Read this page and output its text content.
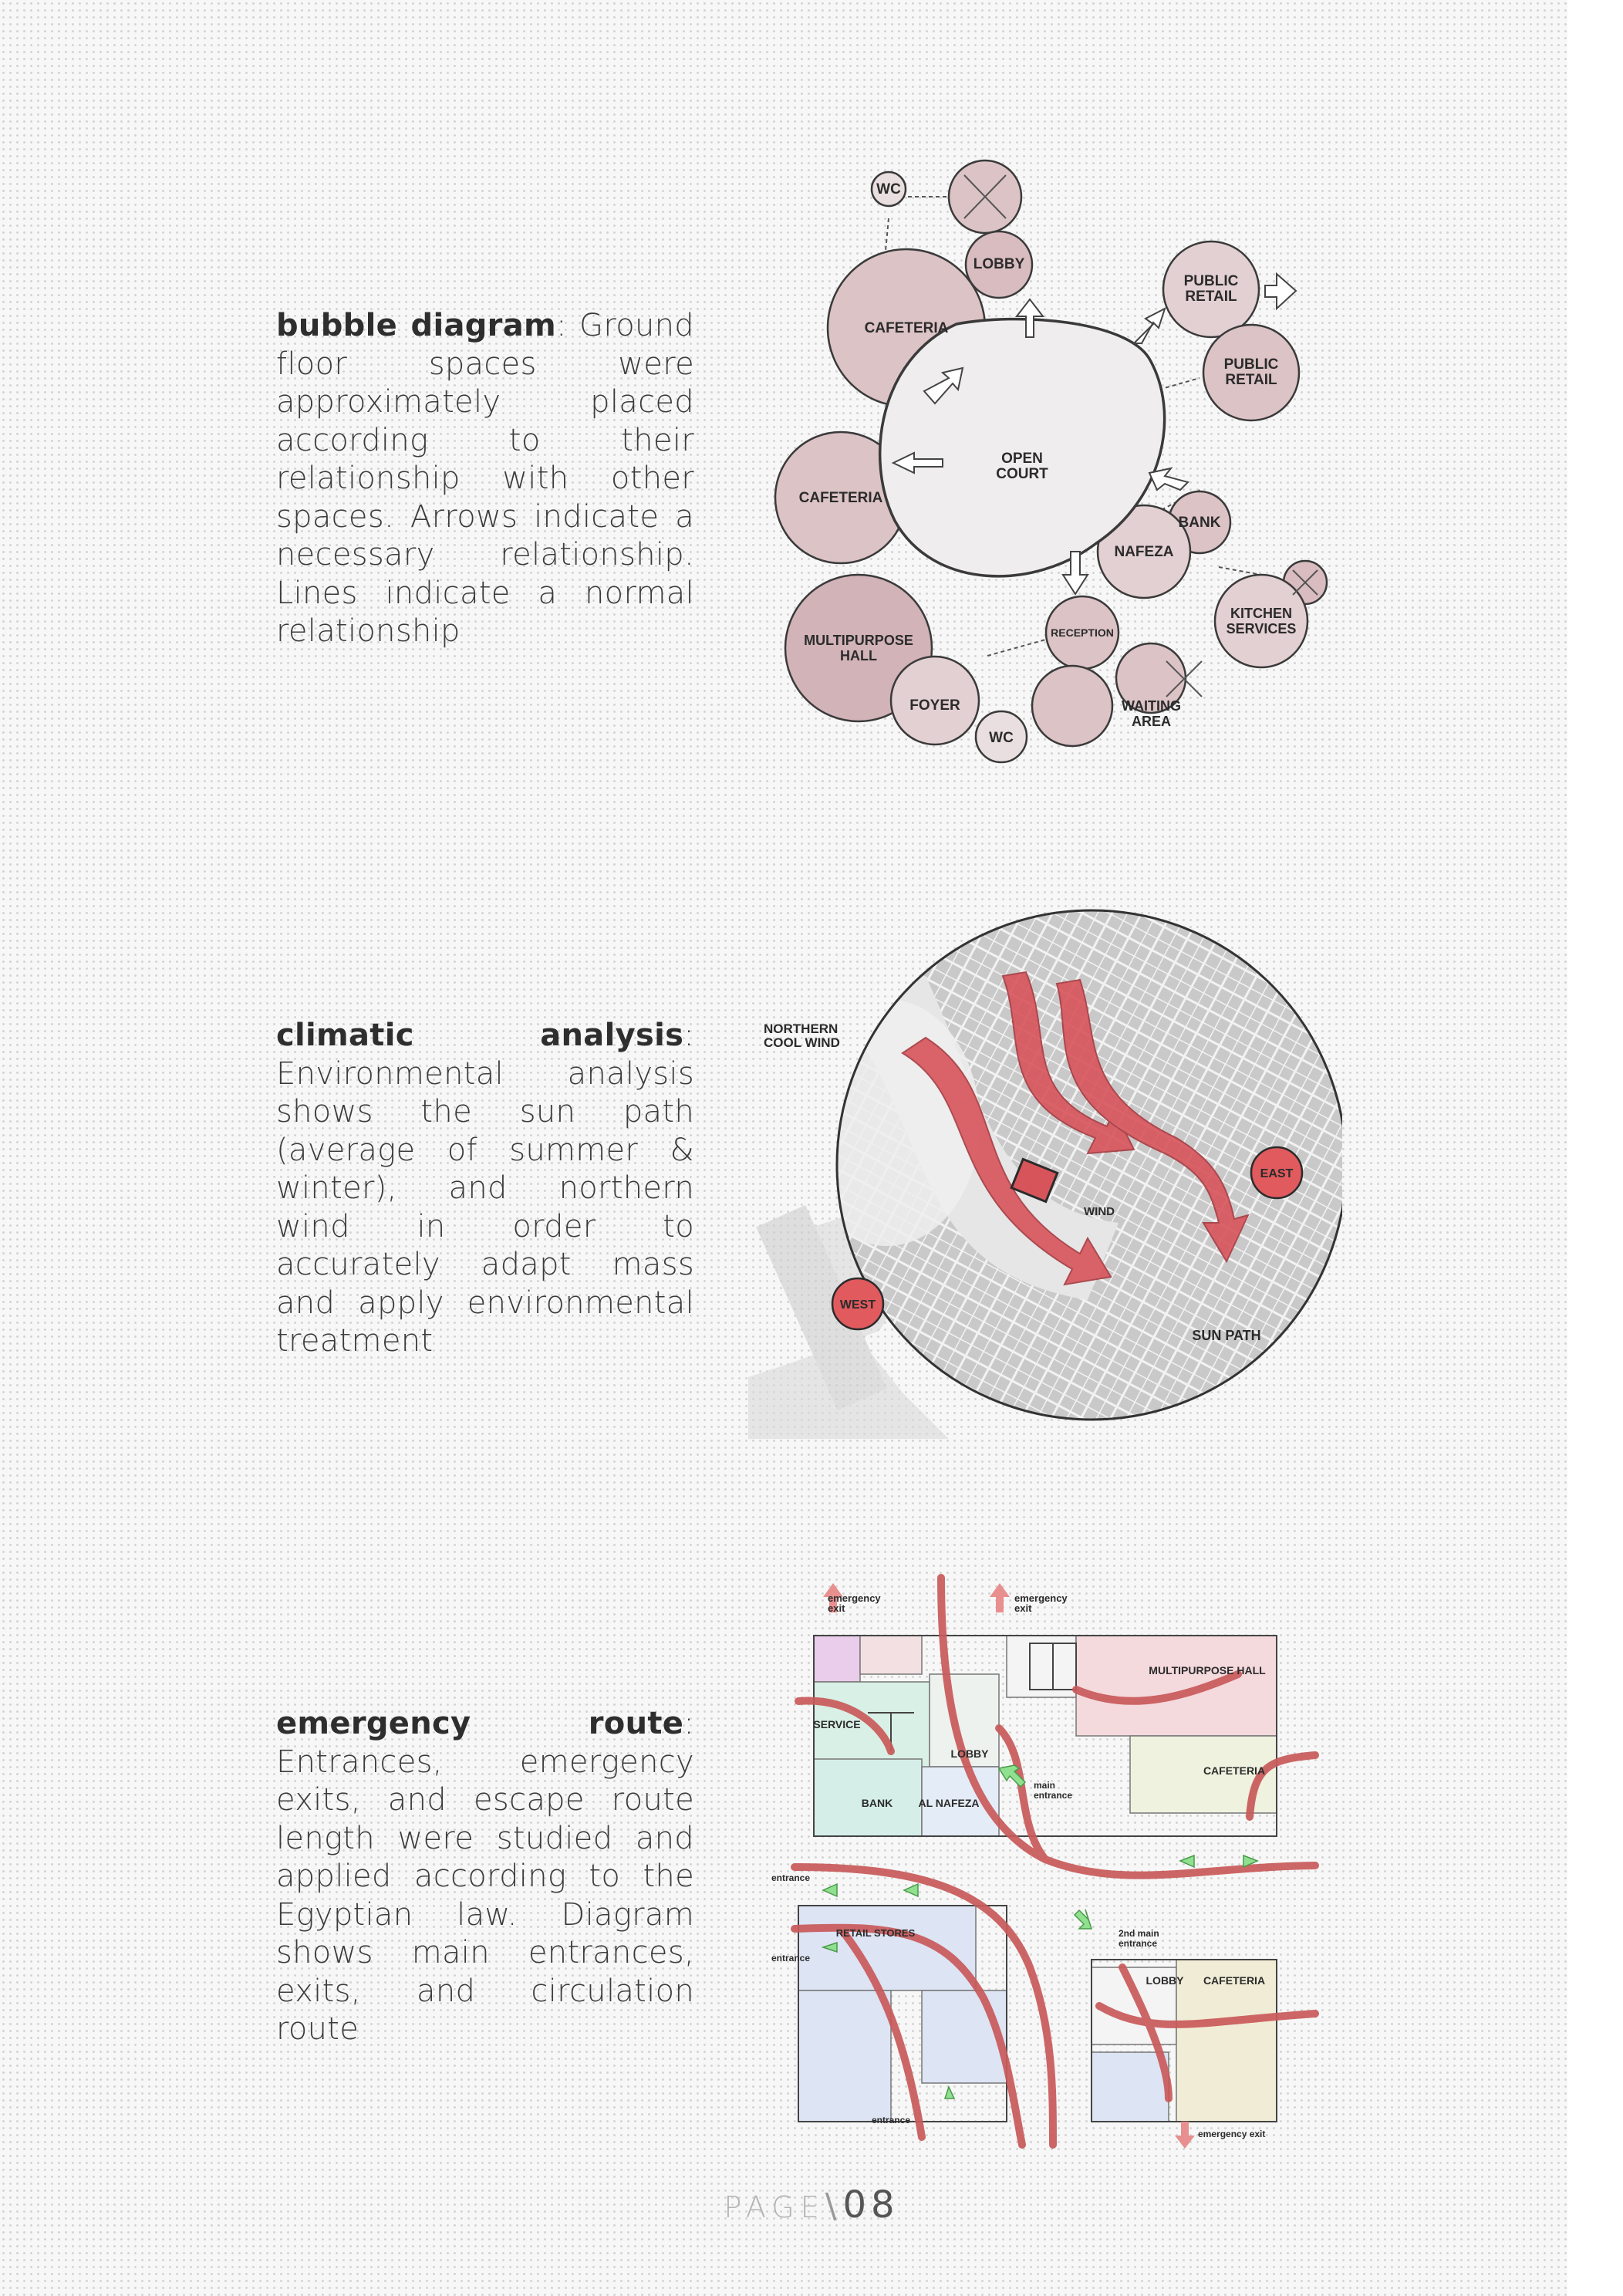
bubble diagram: Ground floor spaces were approximately placed according to their relationship with other spaces. Arrows indicate a necessary relationship. Lines indicate a normal relationship
WC
LOBBY
CAFETERIA
PUBLIC RETAIL
PUBLIC RETAIL
OPEN COURT
CAFETERIA
BANK
NAFEZA
KITCHEN SERVICES
MULTIPURPOSE HALL
RECEPTION
FOYER	WAITING AREA
WC
climatic analysis: Environmental analysis shows the sun path (average of summer & winter), and northern wind in order to accurately adapt mass and apply environmental treatment
NORTHERN COOL WIND
EAST
WEST
WIND
SUN PATH
emergency route: Entrances, emergency exits, and escape route length were studied and applied according to the Egyptian law. Diagram shows main entrances, exits, and circulation route
emergency exit
emergency exit
MULTIPURPOSE HALL
SERVICE
LOBBY
CAFETERIA
main entrance
BANK AL NAFEZA
entrance
RETAIL STORES	2nd main entrance
entrance
LOBBY CAFETERIA
entrance
emergency exit
PAGE\08
